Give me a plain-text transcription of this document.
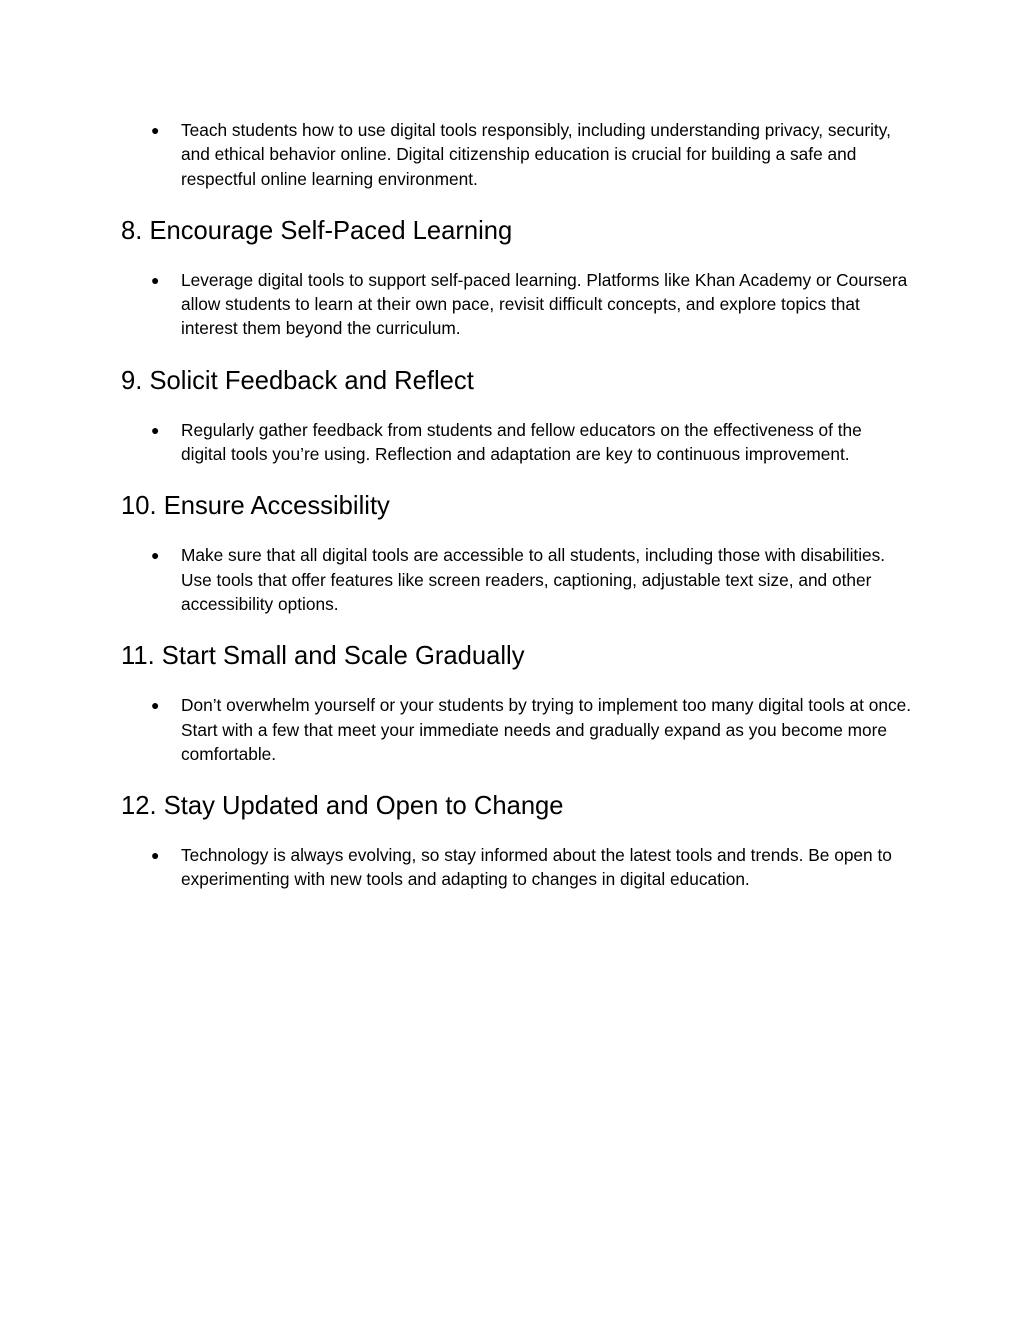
●	Teach students how to use digital tools responsibly, including understanding privacy, security, and ethical behavior online. Digital citizenship education is crucial for building a safe and respectful online learning environment.
8. Encourage Self-Paced Learning
●	Leverage digital tools to support self-paced learning. Platforms like Khan Academy or Coursera allow students to learn at their own pace, revisit difficult concepts, and explore topics that interest them beyond the curriculum.
9. Solicit Feedback and Reflect
●	Regularly gather feedback from students and fellow educators on the effectiveness of the digital tools you’re using. Reflection and adaptation are key to continuous improvement.
10. Ensure Accessibility
●	Make sure that all digital tools are accessible to all students, including those with disabilities. Use tools that offer features like screen readers, captioning, adjustable text size, and other accessibility options.
11. Start Small and Scale Gradually
●	Don’t overwhelm yourself or your students by trying to implement too many digital tools at once. Start with a few that meet your immediate needs and gradually expand as you become more comfortable.
12. Stay Updated and Open to Change
●	Technology is always evolving, so stay informed about the latest tools and trends. Be open to experimenting with new tools and adapting to changes in digital education.
